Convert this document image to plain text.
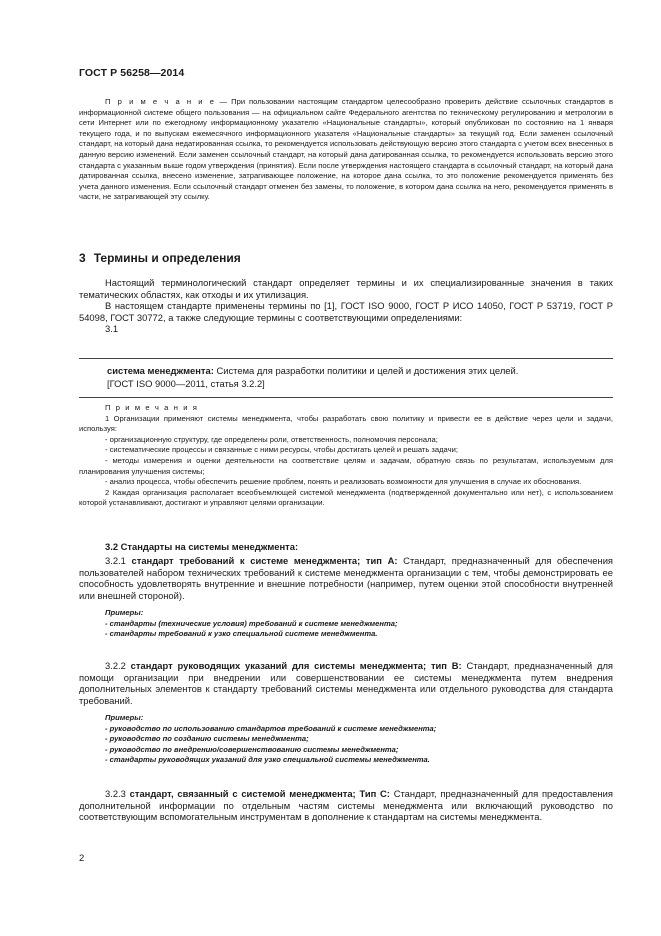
ГОСТ Р 56258—2014

П р и м е ч а н и е — При пользовании настоящим стандартом целесообразно проверить действие ссылочных стандартов в информационной системе общего пользования — на официальном сайте Федерального агентства по техническому регулированию и метрологии в сети Интернет или по ежегодному информационному указателю «Национальные стандарты», который опубликован по состоянию на 1 января текущего года, и по выпускам ежемесячного информационного указателя «Национальные стандарты» за текущий год. Если заменен ссылочный стандарт, на который дана недатированная ссылка, то рекомендуется использовать действующую версию этого стандарта с учетом всех внесенных в данную версию изменений. Если заменен ссылочный стандарт, на который дана датированная ссылка, то рекомендуется использовать версию этого стандарта с указанным выше годом утверждения (принятия). Если после утверждения настоящего стандарта в ссылочный стандарт, на который дана датированная ссылка, внесено изменение, затрагивающее положение, на которое дана ссылка, то это положение рекомендуется применять без учета данного изменения. Если ссылочный стандарт отменен без замены, то положение, в котором дана ссылка на него, рекомендуется применять в части, не затрагивающей эту ссылку.

3 Термины и определения

Настоящий терминологический стандарт определяет термины и их специализированные значения в таких тематических областях, как отходы и их утилизация.

В настоящем стандарте применены термины по [1], ГОСТ ISO 9000, ГОСТ Р ИСО 14050, ГОСТ Р 53719, ГОСТ Р 54098, ГОСТ 30772, а также следующие термины с соответствующими определениями:

3.1

система менеджмента: Система для разработки политики и целей и достижения этих целей.

[ГОСТ ISO 9000—2011, статья 3.2.2]

П р и м е ч а н и я

1 Организации применяют системы менеджмента, чтобы разработать свою политику и привести ее в действие через цели и задачи, используя:

- организационную структуру, где определены роли, ответственность, полномочия персонала;

- систематические процессы и связанные с ними ресурсы, чтобы достигать целей и решать задачи;

- методы измерения и оценки деятельности на соответствие целям и задачам, обратную связь по результатам, используемым для планирования улучшения системы;

- анализ процесса, чтобы обеспечить решение проблем, понять и реализовать возможности для улучшения в случае их обоснования.

2 Каждая организация располагает всеобъемлющей системой менеджмента (подтвержденной документально или нет), с использованием которой устанавливают, достигают и управляют целями организации.

3.2 Стандарты на системы менеджмента:

3.2.1 стандарт требований к системе менеджмента; тип А: Стандарт, предназначенный для обеспечения пользователей набором технических требований к системе менеджмента организации с тем, чтобы демонстрировать ее способность удовлетворять внутренние и внешние потребности (например, путем оценки этой способности внутренней или внешней стороной).

Примеры:

- стандарты (технические условия) требований к системе менеджмента;

- стандарты требований к узко специальной системе менеджмента.

3.2.2 стандарт руководящих указаний для системы менеджмента; тип В: Стандарт, предназначенный для помощи организации при внедрении или совершенствовании ее системы менеджмента путем внедрения дополнительных элементов к стандарту требований системы менеджмента или отдельного руководства для стандарта требований.

Примеры:

- руководство по использованию стандартов требований к системе менеджмента;

- руководство по созданию системы менеджмента;

- руководство по внедрению/совершенствованию системы менеджмента;

- стандарты руководящих указаний для узко специальной системы менеджмента.

3.2.3 стандарт, связанный с системой менеджмента; Тип С: Стандарт, предназначенный для предоставления дополнительной информации по отдельным частям системы менеджмента или включающий руководство по соответствующим вспомогательным инструментам в дополнение к стандартам на системы менеджмента.

2
